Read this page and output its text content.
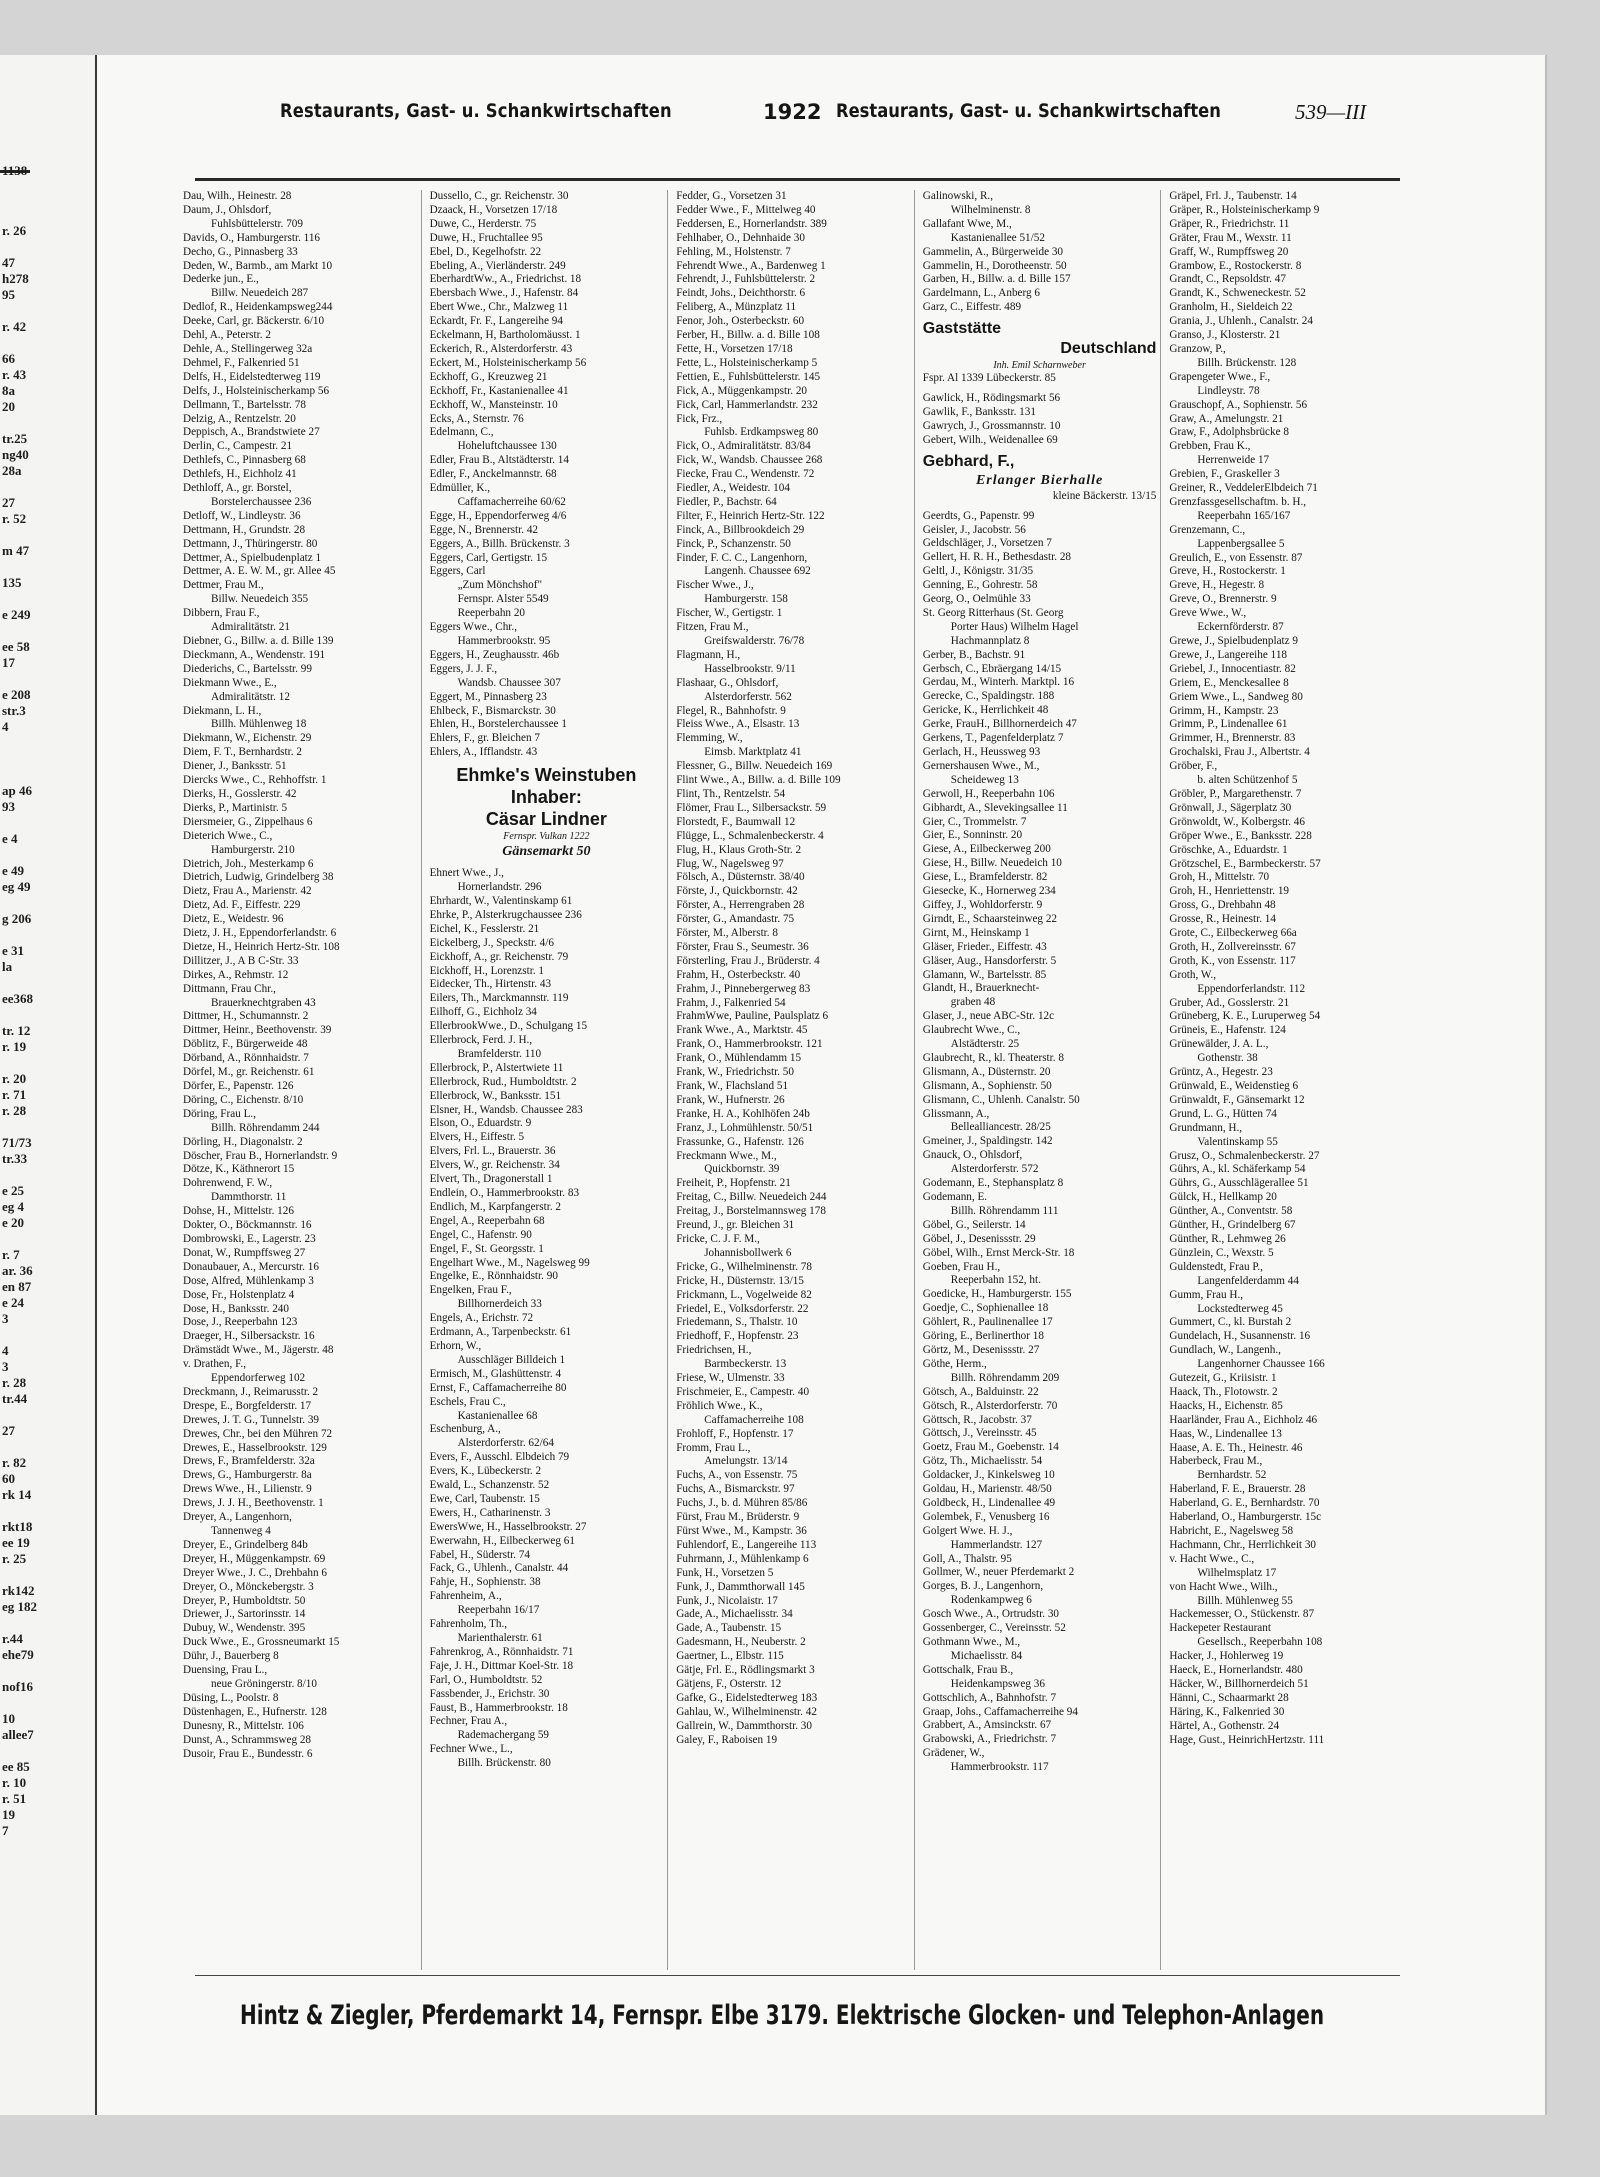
1138
r. 26
47
h278
95
r. 42
66
r. 43
8a
20
tr.25
ng40
28a
27
r. 52
m 47
135
e 249
ee 58
17
e 208
str.3
4
ap 46
93
e 4
e 49
eg 49
g 206
e 31
la
ee368
tr. 12
r. 19
r. 20
r. 71
r. 28
71/73
tr.33
e 25
eg 4
e 20
r. 7
ar. 36
en 87
e 24
3
4
3
r. 28
tr.44
27
r. 82
60
rk 14
rkt18
ee 19
r. 25
rk142
eg 182
r.44
ehe79
nof16
10
allee7
ee 85
r. 10
r. 51
19
7
Restaurants, Gast- u. Schankwirtschaften	1922 Restaurants, Gast- u. Schankwirtschaften	539—III
Dau, Wilh., Heinestr. 28
Daum, J., Ohlsdorf,
Fuhlsbüttelerstr. 709
Davids, O., Hamburgerstr. 116
Decho, G., Pinnasberg 33
Deden, W., Barmb., am Markt 10
Dederke jun., E.,
Billw. Neuedeich 287
Dedlof, R., Heidenkampsweg244
Deeke, Carl, gr. Bäckerstr. 6/10
Dehl, A., Peterstr. 2
Dehle, A., Stellingerweg 32a
Dehmel, F., Falkenried 51
Delfs, H., Eidelstedterweg 119
Delfs, J., Holsteinischerkamp 56
Dellmann, T., Bartelsstr. 78
Delzig, A., Rentzelstr. 20
Deppisch, A., Brandstwiete 27
Derlin, C., Campestr. 21
Dethlefs, C., Pinnasberg 68
Dethlefs, H., Eichholz 41
Dethloff, A., gr. Borstel,
Borstelerchaussee 236
Detloff, W., Lindleystr. 36
Dettmann, H., Grundstr. 28
Dettmann, J., Thüringerstr. 80
Dettmer, A., Spielbudenplatz 1
Dettmer, A. E. W. M., gr. Allee 45
Dettmer, Frau M.,
Billw. Neuedeich 355
Dibbern, Frau F.,
Admiralitätstr. 21
Diebner, G., Billw. a. d. Bille 139
Dieckmann, A., Wendenstr. 191
Diederichs, C., Bartelsstr. 99
Diekmann Wwe., E.,
Admiralitätstr. 12
Diekmann, L. H.,
Billh. Mühlenweg 18
Diekmann, W., Eichenstr. 29
Diem, F. T., Bernhardstr. 2
Diener, J., Banksstr. 51
Diercks Wwe., C., Rehhoffstr. 1
Dierks, H., Gosslerstr. 42
Dierks, P., Martinistr. 5
Diersmeier, G., Zippelhaus 6
Dieterich Wwe., C.,
Hamburgerstr. 210
Dietrich, Joh., Mesterkamp 6
Dietrich, Ludwig, Grindelberg 38
Dietz, Frau A., Marienstr. 42
Dietz, Ad. F., Eiffestr. 229
Dietz, E., Weidestr. 96
Dietz, J. H., Eppendorferlandstr. 6
Dietze, H., Heinrich Hertz-Str. 108
Dillitzer, J., A B C-Str. 33
Dirkes, A., Rehmstr. 12
Dittmann, Frau Chr.,
Brauerknechtgraben 43
Dittmer, H., Schumannstr. 2
Dittmer, Heinr., Beethovenstr. 39
Döblitz, F., Bürgerweide 48
Dörband, A., Rönnhaidstr. 7
Dörfel, M., gr. Reichenstr. 61
Dörfer, E., Papenstr. 126
Döring, C., Eichenstr. 8/10
Döring, Frau L.,
Billh. Röhrendamm 244
Dörling, H., Diagonalstr. 2
Döscher, Frau B., Hornerlandstr. 9
Dötze, K., Käthnerort 15
Dohrenwend, F. W.,
Dammthorstr. 11
Dohse, H., Mittelstr. 126
Dokter, O., Böckmannstr. 16
Dombrowski, E., Lagerstr. 23
Donat, W., Rumpffsweg 27
Donaubauer, A., Mercurstr. 16
Dose, Alfred, Mühlenkamp 3
Dose, Fr., Holstenplatz 4
Dose, H., Banksstr. 240
Dose, J., Reeperbahn 123
Draeger, H., Silbersackstr. 16
Drämstädt Wwe., M., Jägerstr. 48
v. Drathen, F.,
Eppendorferweg 102
Dreckmann, J., Reimarusstr. 2
Drespe, E., Borgfelderstr. 17
Drewes, J. T. G., Tunnelstr. 39
Drewes, Chr., bei den Mühren 72
Drewes, E., Hasselbrookstr. 129
Drews, F., Bramfelderstr. 32a
Drews, G., Hamburgerstr. 8a
Drews Wwe., H., Lilienstr. 9
Drews, J. J. H., Beethovenstr. 1
Dreyer, A., Langenhorn,
Tannenweg 4
Dreyer, E., Grindelberg 84b
Dreyer, H., Müggenkampstr. 69
Dreyer Wwe., J. C., Drehbahn 6
Dreyer, O., Mönckebergstr. 3
Dreyer, P., Humboldtstr. 50
Driewer, J., Sartorinsstr. 14
Dubuy, W., Wendenstr. 395
Duck Wwe., E., Grossneumarkt 15
Dühr, J., Bauerberg 8
Duensing, Frau L.,
neue Gröningerstr. 8/10
Düsing, L., Poolstr. 8
Düstenhagen, E., Hufnerstr. 128
Dunesny, R., Mittelstr. 106
Dunst, A., Schrammsweg 28
Dusoir, Frau E., Bundesstr. 6
Dussello, C., gr. Reichenstr. 30
Dzaack, H., Vorsetzen 17/18
Duwe, C., Herderstr. 75
Duwe, H., Fruchtallee 95
Ebel, D., Kegelhofstr. 22
Ebeling, A., Vierländerstr. 249
EberhardtWw., A., Friedrichst. 18
Ebersbach Wwe., J., Hafenstr. 84
Ebert Wwe., Chr., Malzweg 11
Eckardt, Fr. F., Langereihe 94
Eckelmann, H, Bartholomäusst. 1
Eckerich, R., Alsterdorferstr. 43
Eckert, M., Holsteinischerkamp 56
Eckhoff, G., Kreuzweg 21
Eckhoff, Fr., Kastanienallee 41
Eckhoff, W., Mansteinstr. 10
Ecks, A., Sternstr. 76
Edelmann, C.,
Hoheluftchaussee 130
Edler, Frau B., Altstädterstr. 14
Edler, F., Anckelmannstr. 68
Edmüller, K.,
Caffamacherreihe 60/62
Egge, H., Eppendorferweg 4/6
Egge, N., Brennerstr. 42
Eggers, A., Billh. Brückenstr. 3
Eggers, Carl, Gertigstr. 15
Eggers, Carl
„Zum Mönchshof"
Fernspr. Alster 5549
Reeperbahn 20
Eggers Wwe., Chr.,
Hammerbrookstr. 95
Eggers, H., Zeughausstr. 46b
Eggers, J. J. F.,
Wandsb. Chaussee 307
Eggert, M., Pinnasberg 23
Ehlbeck, F., Bismarckstr. 30
Ehlen, H., Borstelerchaussee 1
Ehlers, F., gr. Bleichen 7
Ehlers, A., Ifflandstr. 43
Ehmke's Weinstuben
Inhaber:
Cäsar Lindner
Fernspr. Vulkan 1222
Gänsemarkt 50
Ehnert Wwe., J.,
Hornerlandstr. 296
Ehrhardt, W., Valentinskamp 61
Ehrke, P., Alsterkrugchaussee 236
Eichel, K., Fesslerstr. 21
Eickelberg, J., Speckstr. 4/6
Eickhoff, A., gr. Reichenstr. 79
Eickhoff, H., Lorenzstr. 1
Eidecker, Th., Hirtenstr. 43
Eilers, Th., Marckmannstr. 119
Eilhoff, G., Eichholz 34
EllerbrookWwe., D., Schulgang 15
Ellerbrock, Ferd. J. H.,
Bramfelderstr. 110
Ellerbrock, P., Alstertwiete 11
Ellerbrock, Rud., Humboldtstr. 2
Ellerbrock, W., Banksstr. 151
Elsner, H., Wandsb. Chaussee 283
Elson, O., Eduardstr. 9
Elvers, H., Eiffestr. 5
Elvers, Frl. L., Brauerstr. 36
Elvers, W., gr. Reichenstr. 34
Elvert, Th., Dragonerstall 1
Endlein, O., Hammerbrookstr. 83
Endlich, M., Karpfangerstr. 2
Engel, A., Reeperbahn 68
Engel, C., Hafenstr. 90
Engel, F., St. Georgsstr. 1
Engelhart Wwe., M., Nagelsweg 99
Engelke, E., Rönnhaidstr. 90
Engelken, Frau F.,
Billhornerdeich 33
Engels, A., Erichstr. 72
Erdmann, A., Tarpenbeckstr. 61
Erhorn, W.,
Ausschläger Billdeich 1
Ermisch, M., Glashüttenstr. 4
Ernst, F., Caffamacherreihe 80
Eschels, Frau C.,
Kastanienallee 68
Eschenburg, A.,
Alsterdorferstr. 62/64
Evers, F., Ausschl. Elbdeich 79
Evers, K., Lübeckerstr. 2
Ewald, L., Schanzenstr. 52
Ewe, Carl, Taubenstr. 15
Ewers, H., Catharinenstr. 3
EwersWwe, H., Hasselbrookstr. 27
Ewerwahn, H., Eilbeckerweg 61
Fabel, H., Süderstr. 74
Fack, G., Uhlenh., Canalstr. 44
Fahje, H., Sophienstr. 38
Fahrenheim, A.,
Reeperbahn 16/17
Fahrenholm, Th.,
Marienthalerstr. 61
Fahrenkrog, A., Rönnhaidstr. 71
Faje, J. H., Dittmar Koel-Str. 18
Farl, O., Humboldtstr. 52
Fassbender, J., Erichstr. 30
Faust, B., Hammerbrookstr. 18
Fechner, Frau A.,
Rademachergang 59
Fechner Wwe., L.,
Billh. Brückenstr. 80
Fedder, G., Vorsetzen 31
Fedder Wwe., F., Mittelweg 40
Feddersen, E., Hornerlandstr. 389
Fehlhaber, O., Dehnhaide 30
Fehling, M., Holstenstr. 7
Fehrendt Wwe., A., Bardenweg 1
Fehrendt, J., Fuhlsbüttelerstr. 2
Feindt, Johs., Deichthorstr. 6
Feliberg, A., Münzplatz 11
Fenor, Joh., Osterbeckstr. 60
Ferber, H., Billw. a. d. Bille 108
Fette, H., Vorsetzen 17/18
Fette, L., Holsteinischerkamp 5
Fettien, E., Fuhlsbüttelerstr. 145
Fick, A., Müggenkampstr. 20
Fick, Carl, Hammerlandstr. 232
Fick, Frz.,
Fuhlsb. Erdkampsweg 80
Fick, O., Admiralitätstr. 83/84
Fick, W., Wandsb. Chaussee 268
Fiecke, Frau C., Wendenstr. 72
Fiedler, A., Weidestr. 104
Fiedler, P., Bachstr. 64
Filter, F., Heinrich Hertz-Str. 122
Finck, A., Billbrookdeich 29
Finck, P., Schanzenstr. 50
Finder, F. C. C., Langenhorn,
Langenh. Chaussee 692
Fischer Wwe., J.,
Hamburgerstr. 158
Fischer, W., Gertigstr. 1
Fitzen, Frau M.,
Greifswalderstr. 76/78
Flagmann, H.,
Hasselbrookstr. 9/11
Flashaar, G., Ohlsdorf,
Alsterdorferstr. 562
Flegel, R., Bahnhofstr. 9
Fleiss Wwe., A., Elsastr. 13
Flemming, W.,
Eimsb. Marktplatz 41
Flessner, G., Billw. Neuedeich 169
Flint Wwe., A., Billw. a. d. Bille 109
Flint, Th., Rentzelstr. 54
Flömer, Frau L., Silbersackstr. 59
Florstedt, F., Baumwall 12
Flügge, L., Schmalenbeckerstr. 4
Flug, H., Klaus Groth-Str. 2
Flug, W., Nagelsweg 97
Fölsch, A., Düsternstr. 38/40
Förste, J., Quickbornstr. 42
Förster, A., Herrengraben 28
Förster, G., Amandastr. 75
Förster, M., Alberstr. 8
Förster, Frau S., Seumestr. 36
Försterling, Frau J., Brüderstr. 4
Frahm, H., Osterbeckstr. 40
Frahm, J., Pinnebergerweg 83
Frahm, J., Falkenried 54
FrahmWwe, Pauline, Paulsplatz 6
Frank Wwe., A., Marktstr. 45
Frank, O., Hammerbrookstr. 121
Frank, O., Mühlendamm 15
Frank, W., Friedrichstr. 50
Frank, W., Flachsland 51
Frank, W., Hufnerstr. 26
Franke, H. A., Kohlhöfen 24b
Franz, J., Lohmühlenstr. 50/51
Frassunke, G., Hafenstr. 126
Freckmann Wwe., M.,
Quickbornstr. 39
Freiheit, P., Hopfenstr. 21
Freitag, C., Billw. Neuedeich 244
Freitag, J., Borstelmannsweg 178
Freund, J., gr. Bleichen 31
Fricke, C. J. F. M.,
Johannisbollwerk 6
Fricke, G., Wilhelminenstr. 78
Fricke, H., Düsternstr. 13/15
Frickmann, L., Vogelweide 82
Friedel, E., Volksdorferstr. 22
Friedemann, S., Thalstr. 10
Friedhoff, F., Hopfenstr. 23
Friedrichsen, H.,
Barmbeckerstr. 13
Friese, W., Ulmenstr. 33
Frischmeier, E., Campestr. 40
Fröhlich Wwe., K.,
Caffamacherreihe 108
Frohloff, F., Hopfenstr. 17
Fromm, Frau L.,
Amelungstr. 13/14
Fuchs, A., von Essenstr. 75
Fuchs, A., Bismarckstr. 97
Fuchs, J., b. d. Mühren 85/86
Fürst, Frau M., Brüderstr. 9
Fürst Wwe., M., Kampstr. 36
Fuhlendorf, E., Langereihe 113
Fuhrmann, J., Mühlenkamp 6
Funk, H., Vorsetzen 5
Funk, J., Dammthorwall 145
Funk, J., Nicolaistr. 17
Gade, A., Michaelisstr. 34
Gade, A., Taubenstr. 15
Gadesmann, H., Neuberstr. 2
Gaertner, L., Elbstr. 115
Gätje, Frl. E., Rödlingsmarkt 3
Gätjens, F., Osterstr. 12
Gafke, G., Eidelstedterweg 183
Gahlau, W., Wilhelminenstr. 42
Gallrein, W., Dammthorstr. 30
Galey, F., Raboisen 19
Galinowski, R.,
Wilhelminenstr. 8
Gallafant Wwe, M.,
Kastanienallee 51/52
Gammelin, A., Bürgerweide 30
Gammelin, H., Dorotheenstr. 50
Garben, H., Billw. a. d. Bille 157
Gardelmann, L., Anberg 6
Garz, C., Eiffestr. 489
Gaststätte
Deutschland
Inh. Emil Scharnweber
Fspr. Al 1339 Lübeckerstr. 85
Gawlick, H., Rödingsmarkt 56
Gawlik, F., Banksstr. 131
Gawrych, J., Grossmannstr. 10
Gebert, Wilh., Weidenallee 69
Gebhard, F.,
Erlanger Bierhalle
kleine Bäckerstr. 13/15
Geerdts, G., Papenstr. 99
Geisler, J., Jacobstr. 56
Geldschläger, J., Vorsetzen 7
Gellert, H. R. H., Bethesdastr. 28
Geltl, J., Königstr. 31/35
Genning, E., Gohrestr. 58
Georg, O., Oelmühle 33
St. Georg Ritterhaus (St. Georg
Porter Haus) Wilhelm Hagel
Hachmannplatz 8
Gerber, B., Bachstr. 91
Gerbsch, C., Ebräergang 14/15
Gerdau, M., Winterh. Marktpl. 16
Gerecke, C., Spaldingstr. 188
Gericke, K., Herrlichkeit 48
Gerke, FrauH., Billhornerdeich 47
Gerkens, T., Pagenfelderplatz 7
Gerlach, H., Heussweg 93
Gernershausen Wwe., M.,
Scheideweg 13
Gerwoll, H., Reeperbahn 106
Gibhardt, A., Slevekingsallee 11
Gier, C., Trommelstr. 7
Gier, E., Sonninstr. 20
Giese, A., Eilbeckerweg 200
Giese, H., Billw. Neuedeich 10
Giese, L., Bramfelderstr. 82
Giesecke, K., Hornerweg 234
Giffey, J., Wohldorferstr. 9
Girndt, E., Schaarsteinweg 22
Girnt, M., Heinskamp 1
Gläser, Frieder., Eiffestr. 43
Gläser, Aug., Hansdorferstr. 5
Glamann, W., Bartelsstr. 85
Glandt, H., Brauerknecht-
graben 48
Glaser, J., neue ABC-Str. 12c
Glaubrecht Wwe., C.,
Alstädterstr. 25
Glaubrecht, R., kl. Theaterstr. 8
Glismann, A., Düsternstr. 20
Glismann, A., Sophienstr. 50
Glismann, C., Uhlenh. Canalstr. 50
Glissmann, A.,
Bellealliancestr. 28/25
Gmeiner, J., Spaldingstr. 142
Gnauck, O., Ohlsdorf,
Alsterdorferstr. 572
Godemann, E., Stephansplatz 8
Godemann, E.
Billh. Röhrendamm 111
Göbel, G., Seilerstr. 14
Göbel, J., Desenissstr. 29
Göbel, Wilh., Ernst Merck-Str. 18
Goeben, Frau H.,
Reeperbahn 152, ht.
Goedicke, H., Hamburgerstr. 155
Goedje, C., Sophienallee 18
Göhlert, R., Paulinenallee 17
Göring, E., Berlinerthor 18
Görtz, M., Desenissstr. 27
Göthe, Herm.,
Billh. Röhrendamm 209
Götsch, A., Balduinstr. 22
Götsch, R., Alsterdorferstr. 70
Göttsch, R., Jacobstr. 37
Göttsch, J., Vereinsstr. 45
Goetz, Frau M., Goebenstr. 14
Götz, Th., Michaelisstr. 54
Goldacker, J., Kinkelsweg 10
Goldau, H., Marienstr. 48/50
Goldbeck, H., Lindenallee 49
Golembek, F., Venusberg 16
Golgert Wwe. H. J.,
Hammerlandstr. 127
Goll, A., Thalstr. 95
Gollmer, W., neuer Pferdemarkt 2
Gorges, B. J., Langenhorn,
Rodenkampweg 6
Gosch Wwe., A., Ortrudstr. 30
Gossenberger, C., Vereinsstr. 52
Gothmann Wwe., M.,
Michaelisstr. 84
Gottschalk, Frau B.,
Heidenkampsweg 36
Gottschlich, A., Bahnhofstr. 7
Graap, Johs., Caffamacherreihe 94
Grabbert, A., Amsinckstr. 67
Grabowski, A., Friedrichstr. 7
Grädener, W.,
Hammerbrookstr. 117
Gräpel, Frl. J., Taubenstr. 14
Gräper, R., Holsteinischerkamp 9
Gräper, R., Friedrichstr. 11
Gräter, Frau M., Wexstr. 11
Graff, W., Rumpffsweg 20
Grambow, E., Rostockerstr. 8
Grandt, C., Repsoldstr. 47
Grandt, K., Schweneckestr. 52
Granholm, H., Sieldeich 22
Grania, J., Uhlenh., Canalstr. 24
Granso, J., Klosterstr. 21
Granzow, P.,
Billh. Brückenstr. 128
Grapengeter Wwe., F.,
Lindleystr. 78
Grauschopf, A., Sophienstr. 56
Graw, A., Amelungstr. 21
Graw, F., Adolphsbrücke 8
Grebben, Frau K.,
Herrenweide 17
Grebien, F., Graskeller 3
Greiner, R., VeddelerElbdeich 71
Grenzfassgesellschaftm. b. H.,
Reeperbahn 165/167
Grenzemann, C.,
Lappenbergsallee 5
Greulich, E., von Essenstr. 87
Greve, H., Rostockerstr. 1
Greve, H., Hegestr. 8
Greve, O., Brennerstr. 9
Greve Wwe., W.,
Eckernförderstr. 87
Grewe, J., Spielbudenplatz 9
Grewe, J., Langereihe 118
Griebel, J., Innocentiastr. 82
Griem, E., Menckesallee 8
Griem Wwe., L., Sandweg 80
Grimm, H., Kampstr. 23
Grimm, P., Lindenallee 61
Grimmer, H., Brennerstr. 83
Grochalski, Frau J., Albertstr. 4
Gröber, F.,
b. alten Schützenhof 5
Gröbler, P., Margarethenstr. 7
Grönwall, J., Sägerplatz 30
Grönwoldt, W., Kolbergstr. 46
Gröper Wwe., E., Banksstr. 228
Gröschke, A., Eduardstr. 1
Grötzschel, E., Barmbeckerstr. 57
Groh, H., Mittelstr. 70
Groh, H., Henriettenstr. 19
Gross, G., Drehbahn 48
Grosse, R., Heinestr. 14
Grote, C., Eilbeckerweg 66a
Groth, H., Zollvereinsstr. 67
Groth, K., von Essenstr. 117
Groth, W.,
Eppendorferlandstr. 112
Gruber, Ad., Gosslerstr. 21
Grüneberg, K. E., Luruperweg 54
Grüneis, E., Hafenstr. 124
Grünewälder, J. A. L.,
Gothenstr. 38
Grüntz, A., Hegestr. 23
Grünwald, E., Weidenstieg 6
Grünwaldt, F., Gänsemarkt 12
Grund, L. G., Hütten 74
Grundmann, H.,
Valentinskamp 55
Grusz, O., Schmalenbeckerstr. 27
Gührs, A., kl. Schäferkamp 54
Gührs, G., Ausschlägerallee 51
Gülck, H., Hellkamp 20
Günther, A., Conventstr. 58
Günther, H., Grindelberg 67
Günther, R., Lehmweg 26
Günzlein, C., Wexstr. 5
Guldenstedt, Frau P.,
Langenfelderdamm 44
Gumm, Frau H.,
Lockstedterweg 45
Gummert, C., kl. Burstah 2
Gundelach, H., Susannenstr. 16
Gundlach, W., Langenh.,
Langenhorner Chaussee 166
Gutezeit, G., Kriisistr. 1
Haack, Th., Flotowstr. 2
Haacks, H., Eichenstr. 85
Haarländer, Frau A., Eichholz 46
Haas, W., Lindenallee 13
Haase, A. E. Th., Heinestr. 46
Haberbeck, Frau M.,
Bernhardstr. 52
Haberland, F. E., Brauerstr. 28
Haberland, G. E., Bernhardstr. 70
Haberland, O., Hamburgerstr. 15c
Habricht, E., Nagelsweg 58
Hachmann, Chr., Herrlichkeit 30
v. Hacht Wwe., C.,
Wilhelmsplatz 17
von Hacht Wwe., Wilh.,
Billh. Mühlenweg 55
Hackemesser, O., Stückenstr. 87
Hackepeter Restaurant
Gesellsch., Reeperbahn 108
Hacker, J., Hohlerweg 19
Haeck, E., Hornerlandstr. 480
Häcker, W., Billhornerdeich 51
Hänni, C., Schaarmarkt 28
Häring, K., Falkenried 30
Härtel, A., Gothenstr. 24
Hage, Gust., HeinrichHertzstr. 111
Hintz & Ziegler, Pferdemarkt 14, Fernspr. Elbe 3179. Elektrische Glocken- und Telephon-Anlagen
